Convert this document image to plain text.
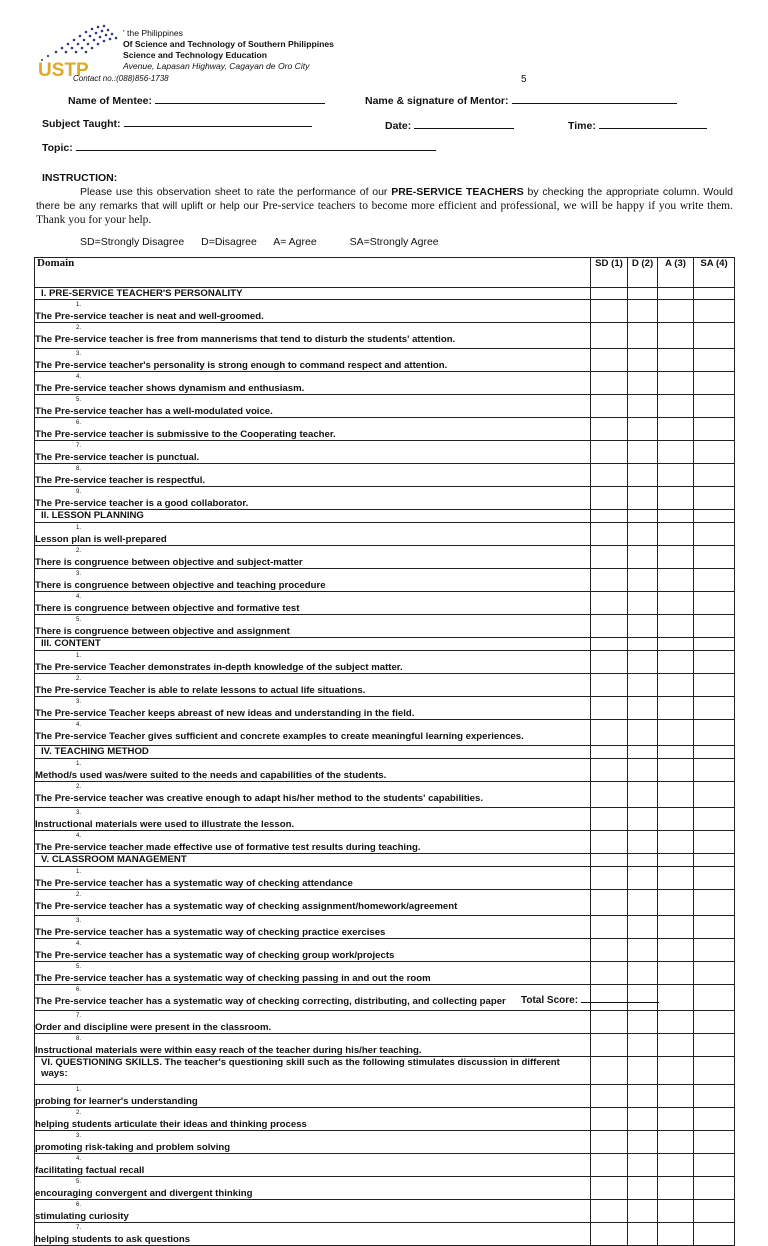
USTP
' the Philippines
Of Science and Technology of Southern Philippines
Science and Technology Education
Avenue, Lapasan Highway, Cagayan de Oro City
Contact no.:(088)856-1738	5
Name of Mentee:	Name & signature of Mentor:
Subject Taught:	Date:	Time:
Topic:
INSTRUCTION:
Please use this observation sheet to rate the performance of our PRE-SERVICE TEACHERS by checking the appropriate column. Would there be any remarks that will uplift or help our Pre-service teachers to become more efficient and professional, we will be happy if you write them. Thank you for your help.
SD=Strongly Disagree D=Disagree A= Agree	SA=Strongly Agree
Domain	SD (1)	D (2)	A (3)	SA (4)
I. PRE-SERVICE TEACHER'S PERSONALITY				
1.The Pre-service teacher is neat and well-groomed.				
2.The Pre-service teacher is free from mannerisms that tend to disturb the students' attention.				
3.The Pre-service teacher's personality is strong enough to command respect and attention.				
4.The Pre-service teacher shows dynamism and enthusiasm.				
5.The Pre-service teacher has a well-modulated voice.				
6.The Pre-service teacher is submissive to the Cooperating teacher.				
7.The Pre-service teacher is punctual.				
8.The Pre-service teacher is respectful.				
9.The Pre-service teacher is a good collaborator.				
II. LESSON PLANNING				
1.Lesson plan is well-prepared				
2.There is congruence between objective and subject-matter				
3.There is congruence between objective and teaching procedure				
4.There is congruence between objective and formative test				
5.There is congruence between objective and assignment				
III. CONTENT				
1.The Pre-service Teacher demonstrates in-depth knowledge of the subject matter.				
2.The Pre-service Teacher is able to relate lessons to actual life situations.				
3.The Pre-service Teacher keeps abreast of new ideas and understanding in the field.				
4.The Pre-service Teacher gives sufficient and concrete examples to create meaningful learning experiences.				
IV. TEACHING METHOD				
1.Method/s used was/were suited to the needs and capabilities of the students.				
2.The Pre-service teacher was creative enough to adapt his/her method to the students' capabilities.				
3.Instructional materials were used to illustrate the lesson.				
4.The Pre-service teacher made effective use of formative test results during teaching.				
V. CLASSROOM MANAGEMENT				
1.The Pre-service teacher has a systematic way of checking attendance				
2.The Pre-service teacher has a systematic way of checking assignment/homework/agreement				
3.The Pre-service teacher has a systematic way of checking practice exercises				
4.The Pre-service teacher has a systematic way of checking group work/projects				
5.The Pre-service teacher has a systematic way of checking passing in and out the room				
6.The Pre-service teacher has a systematic way of checking correcting, distributing, and collecting paper				
7.Order and discipline were present in the classroom.				
8.Instructional materials were within easy reach of the teacher during his/her teaching.				
VI. QUESTIONING SKILLS. The teacher's questioning skill such as the following stimulates discussion in different ways:				
1.probing for learner's understanding				
2.helping students articulate their ideas and thinking process				
3.promoting risk-taking and problem solving				
4.facilitating factual recall				
5.encouraging convergent and divergent thinking				
6.stimulating curiosity				
7.helping students to ask questions				
Total Score:
